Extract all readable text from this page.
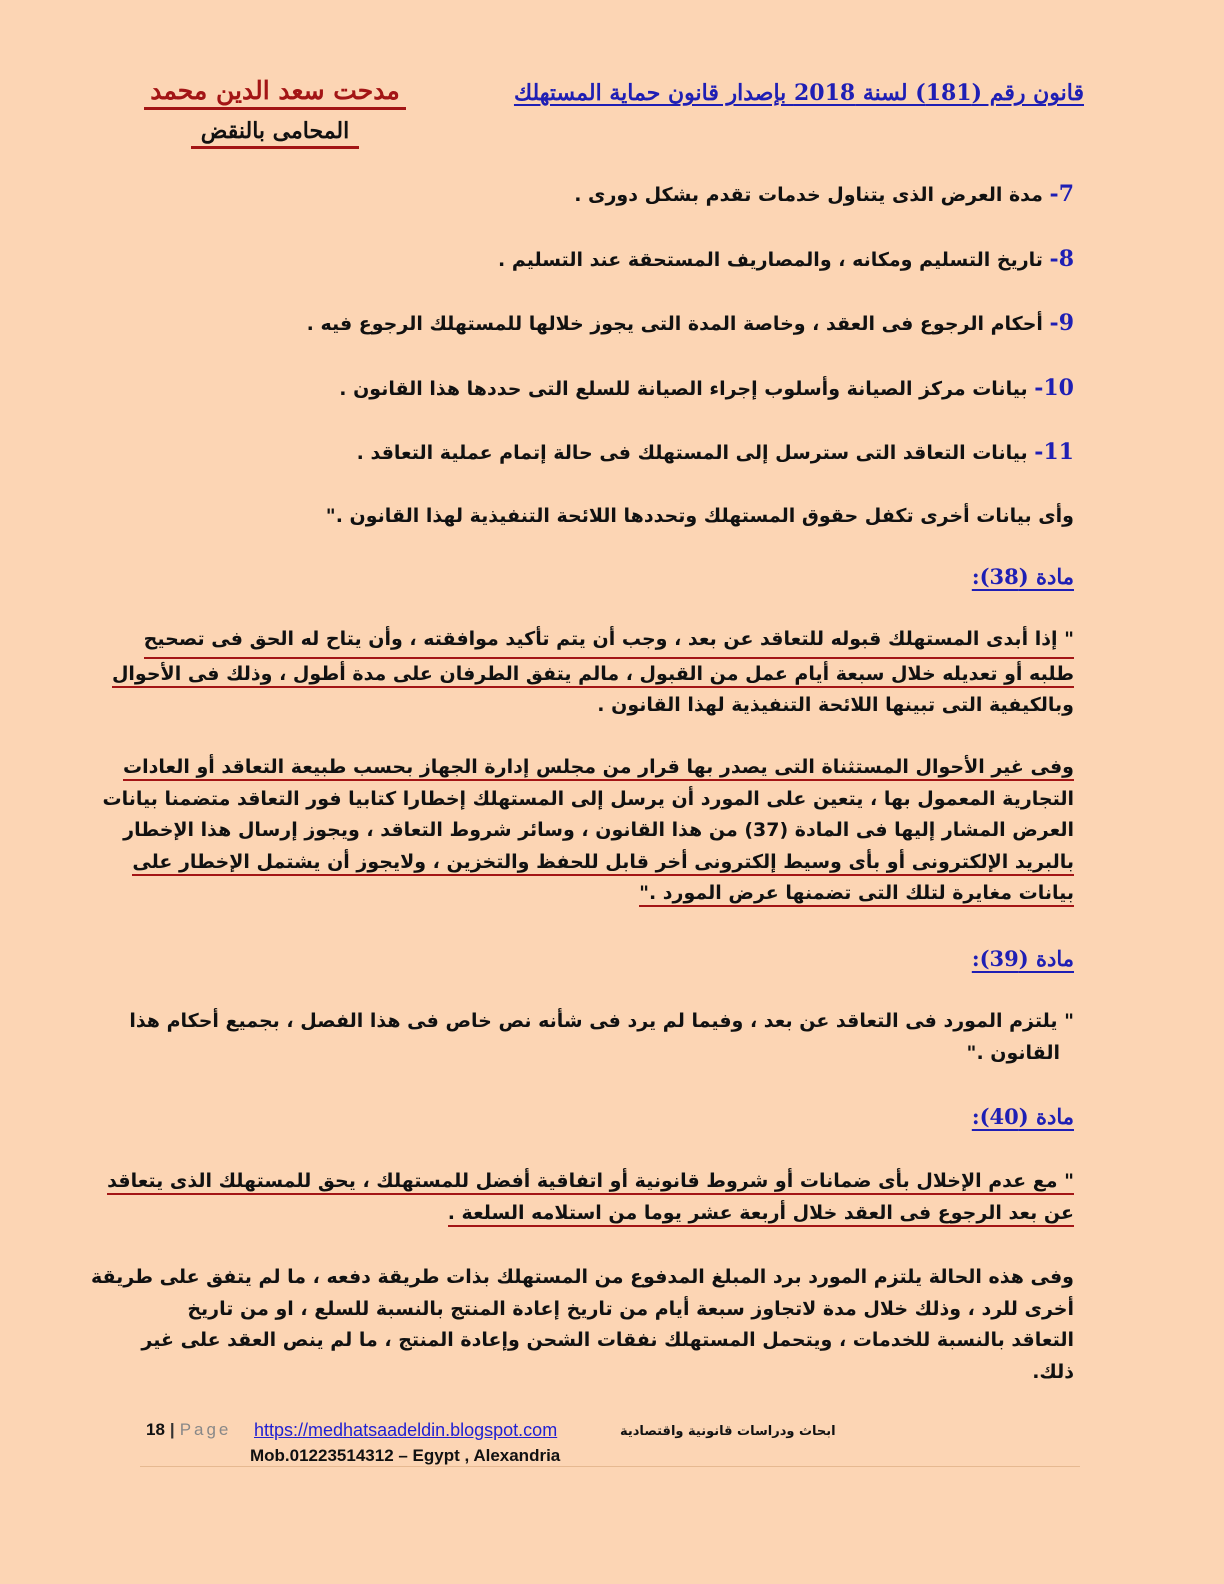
قانون رقم (181) لسنة 2018 بإصدار قانون حماية المستهلك
مدحت سعد الدين محمد
المحامى بالنقض
7- مدة العرض الذى يتناول خدمات تقدم بشكل دورى .
8- تاريخ التسليم ومكانه ، والمصاريف المستحقة عند التسليم .
9- أحكام الرجوع فى العقد ، وخاصة المدة التى يجوز خلالها للمستهلك الرجوع فيه .
10- بيانات مركز الصيانة وأسلوب إجراء الصيانة للسلع التى حددها هذا القانون .
11- بيانات التعاقد التى سترسل إلى المستهلك فى حالة إتمام عملية التعاقد .
وأى بيانات أخرى تكفل حقوق المستهلك وتحددها اللائحة التنفيذية لهذا القانون ."
مادة (38):
" إذا أبدى المستهلك قبوله للتعاقد عن بعد ، وجب أن يتم تأكيد موافقته ، وأن يتاح له الحق فى تصحيح
طلبه أو تعديله خلال سبعة أيام عمل من القبول ، مالم يتفق الطرفان على مدة أطول ، وذلك فى الأحوال
وبالكيفية التى تبينها اللائحة التنفيذية لهذا القانون .
وفى غير الأحوال المستثناة التى يصدر بها قرار من مجلس إدارة الجهاز بحسب طبيعة التعاقد أو العادات
التجارية المعمول بها ، يتعين على المورد أن يرسل إلى المستهلك إخطارا كتابيا فور التعاقد متضمنا بيانات
العرض المشار إليها فى المادة (37) من هذا القانون ، وسائر شروط التعاقد ، ويجوز إرسال هذا الإخطار
بالبريد الإلكترونى أو بأى وسيط إلكترونى أخر قابل للحفظ والتخزين ، ولايجوز أن يشتمل الإخطار على
بيانات مغايرة لتلك التى تضمنها عرض المورد ."
مادة (39):
" يلتزم المورد فى التعاقد عن بعد ، وفيما لم يرد فى شأنه نص خاص فى هذا الفصل ، بجميع أحكام هذا
القانون ."
مادة (40):
" مع عدم الإخلال بأى ضمانات أو شروط قانونية أو اتفاقية أفضل للمستهلك ، يحق للمستهلك الذى يتعاقد
عن بعد الرجوع فى العقد خلال أربعة عشر يوما من استلامه السلعة .
وفى هذه الحالة يلتزم المورد برد المبلغ المدفوع من المستهلك بذات طريقة دفعه ، ما لم يتفق على طريقة
أخرى للرد ، وذلك خلال مدة لاتجاوز سبعة أيام من تاريخ إعادة المنتج بالنسبة للسلع ، او من تاريخ
التعاقد بالنسبة للخدمات ، ويتحمل المستهلك نفقات الشحن وإعادة المنتج ، ما لم ينص العقد على غير
ذلك.
18 | Page https://medhatsaadeldin.blogspot.com	ابحاث ودراسات قانونية واقتصادية
Mob.01223514312 – Egypt , Alexandria
